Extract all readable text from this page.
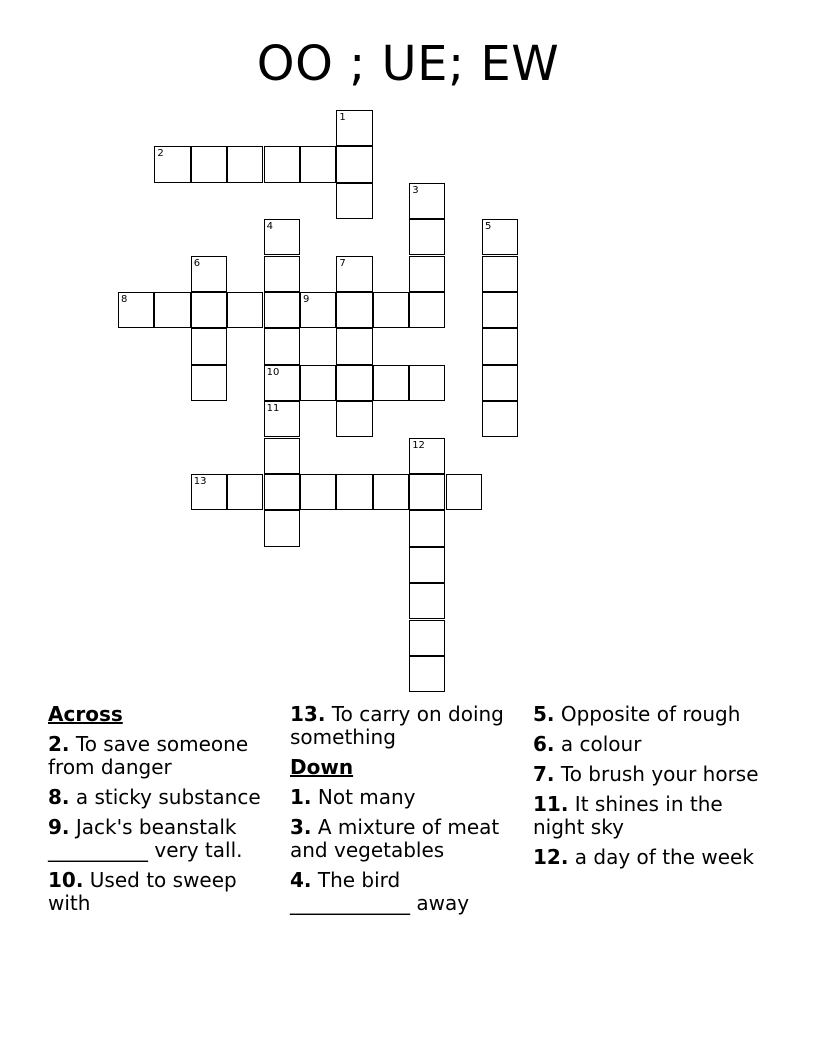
OO ; UE; EW
1
2
3
4	5
6	7
8	9
10
11
12
13
Across
2. To save someone from danger
8. a sticky substance
9. Jack's beanstalk __________ very tall.
10. Used to sweep with
13. To carry on doing something
Down
1. Not many
3. A mixture of meat and vegetables
4. The bird ____________ away
5. Opposite of rough
6. a colour
7. To brush your horse
11. It shines in the night sky
12. a day of the week
